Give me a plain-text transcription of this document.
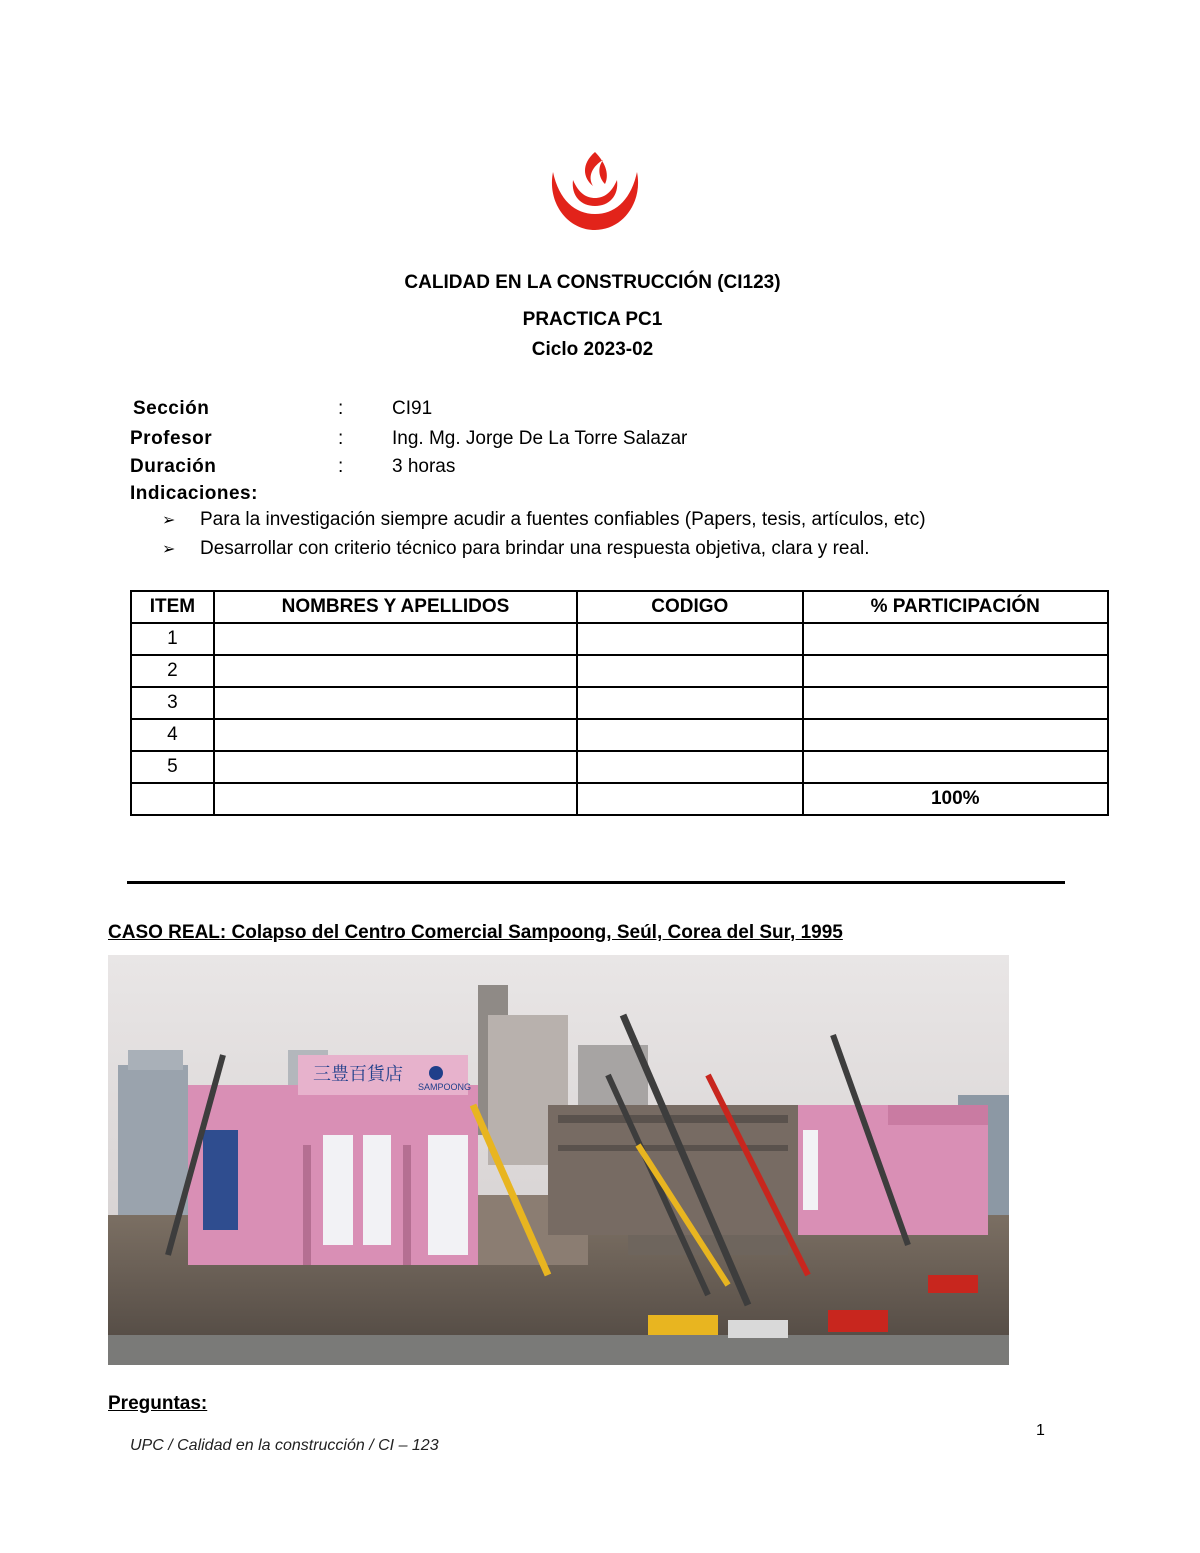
CALIDAD EN LA CONSTRUCCIÓN (CI123)
PRACTICA PC1
Ciclo 2023-02
Sección	:	CI91
Profesor	:	Ing. Mg. Jorge De La Torre Salazar
Duración	:	3 horas
Indicaciones:
➢ Para la investigación siempre acudir a fuentes confiables (Papers, tesis, artículos, etc)
➢ Desarrollar con criterio técnico para brindar una respuesta objetiva, clara y real.
ITEM	NOMBRES Y APELLIDOS	CODIGO	% PARTICIPACIÓN
1			
2			
3			
4			
5			
			100%
CASO REAL: Colapso del Centro Comercial Sampoong, Seúl, Corea del Sur, 1995
三豊百貨店
SAMPOONG
Preguntas:
UPC / Calidad en la construcción / CI – 123
1
